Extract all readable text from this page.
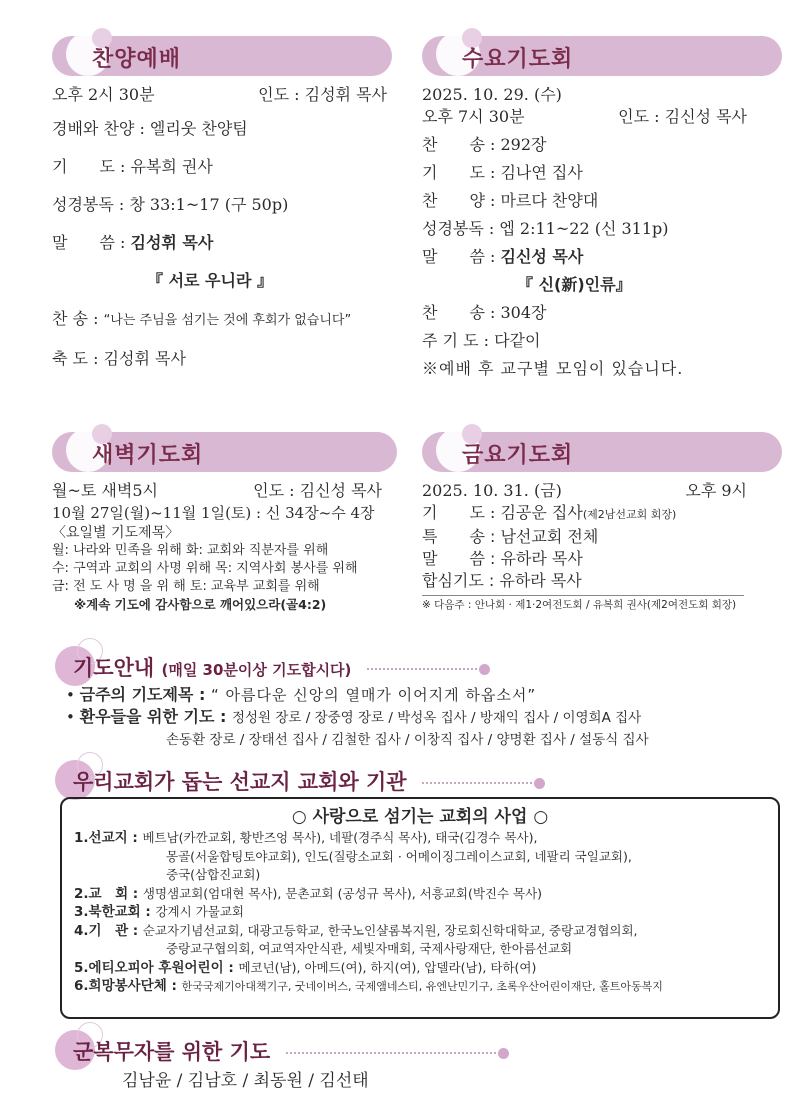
찬양예배
오후 2시 30분	인도 : 김성휘 목사
경배와 찬양 : 엘리웃 찬양팀
기　　도 : 유복희 권사
성경봉독 : 창 33:1~17 (구 50p)
말　　씀 : 김성휘 목사
『 서로 우니라 』
찬 송 : “나는 주님을 섬기는 것에 후회가 없습니다”
축 도 : 김성휘 목사
수요기도회
2025. 10. 29. (수)
오후 7시 30분	인도 : 김신성 목사
찬　　송 : 292장
기　　도 : 김나연 집사
찬　　양 : 마르다 찬양대
성경봉독 : 엡 2:11~22 (신 311p)
말　　씀 : 김신성 목사
『 신(新)인류』
찬　　송 : 304장
주 기 도 : 다같이
※예배 후 교구별 모임이 있습니다.
새벽기도회
월~토 새벽5시	인도 : 김신성 목사
10월 27일(월)~11월 1일(토) : 신 34장~수 4장
〈요일별 기도제목〉
월: 나라와 민족을 위해 화: 교회와 직분자를 위해
수: 구역과 교회의 사명 위해 목: 지역사회 봉사를 위해
금: 전 도 사 명 을 위 해 토: 교육부 교회를 위해
※계속 기도에 감사함으로 깨어있으라(골4:2)
금요기도회
2025. 10. 31. (금)	오후 9시
기　　도 : 김공운 집사(제2남선교회 회장)
특　　송 : 남선교회 전체
말　　씀 : 유하라 목사
합심기도 : 유하라 목사
※ 다음주 : 안나회 · 제1·2여전도회 / 유복희 권사(제2여전도회 회장)
기도안내 (매일 30분이상 기도합시다)
• 금주의 기도제목 : “ 아름다운 신앙의 열매가 이어지게 하옵소서”
• 환우들을 위한 기도 : 정성원 장로 / 장중영 장로 / 박성옥 집사 / 방재익 집사 / 이영희A 집사
손동환 장로 / 장태선 집사 / 김철한 집사 / 이창직 집사 / 양명환 집사 / 설동식 집사
우리교회가 돕는 선교지 교회와 기관
○ 사랑으로 섬기는 교회의 사업 ○
1.선교지 : 베트남(카깐교회, 황반즈엉 목사), 네팔(경주식 목사), 태국(김경수 목사),
몽골(서울합팅토야교회), 인도(질랑소교회 · 어메이징그레이스교회, 네팔리 국일교회),
중국(삼합진교회)
2.교　회 : 생명샘교회(엄대현 목사), 문촌교회 (공성규 목사), 서흥교회(박진수 목사)
3.북한교회 : 강계시 가물교회
4.기　관 : 순교자기념선교회, 대광고등학교, 한국노인샬롬복지원, 장로회신학대학교, 중랑교경협의회,
중랑교구협의회, 여교역자안식관, 세빛자매회, 국제사랑재단, 한아름선교회
5.에티오피아 후원어린이 : 메코넌(남), 아메드(여), 하지(여), 압델라(남), 타하(여)
6.희망봉사단체 : 한국국제기아대책기구, 굿네이버스, 국제앰네스티, 유엔난민기구, 초록우산어린이재단, 홀트아동복지
군복무자를 위한 기도
김남윤 / 김남호 / 최동원 / 김선태
